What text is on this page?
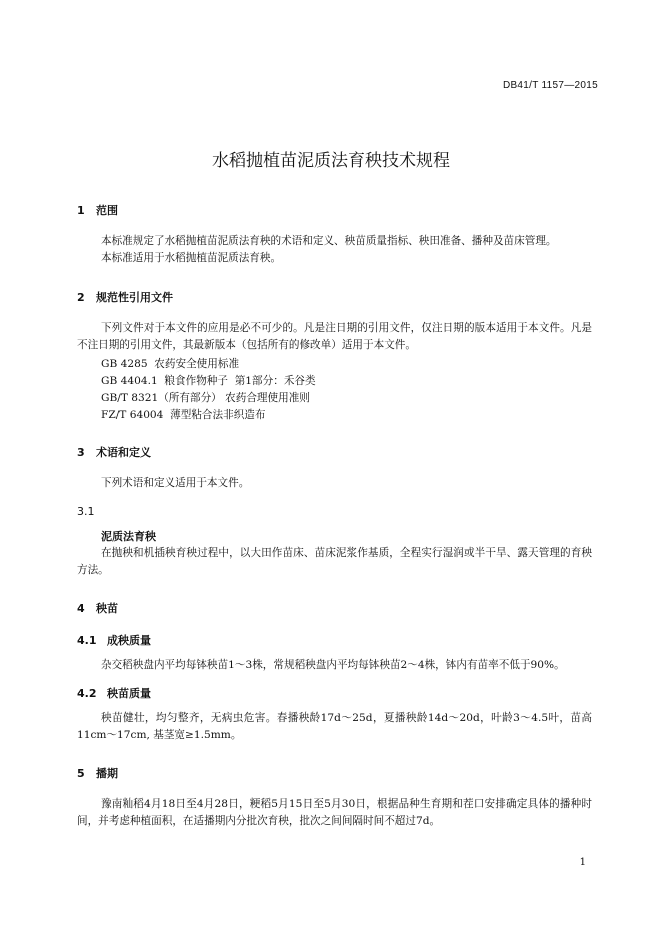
DB41/T 1157—2015
水稻抛植苗泥质法育秧技术规程
1 范围
本标准规定了水稻抛植苗泥质法育秧的术语和定义、秧苗质量指标、秧田准备、播种及苗床管理。
本标准适用于水稻抛植苗泥质法育秧。
2 规范性引用文件
下列文件对于本文件的应用是必不可少的。凡是注日期的引用文件，仅注日期的版本适用于本文件。凡是不注日期的引用文件，其最新版本（包括所有的修改单）适用于本文件。
GB 4285  农药安全使用标准
GB 4404.1  粮食作物种子  第1部分：禾谷类
GB/T 8321（所有部分） 农药合理使用准则
FZ/T 64004  薄型粘合法非织造布
3 术语和定义
下列术语和定义适用于本文件。
3.1
泥质法育秧
在抛秧和机插秧育秧过程中，以大田作苗床、苗床泥浆作基质，全程实行湿润或半干旱、露天管理的育秧方法。
4 秧苗
4.1 成秧质量
杂交稻秧盘内平均每钵秧苗1～3株，常规稻秧盘内平均每钵秧苗2～4株，钵内有苗率不低于90%。
4.2 秧苗质量
秧苗健壮，均匀整齐，无病虫危害。春播秧龄17d～25d，夏播秧龄14d～20d，叶龄3～4.5叶，苗高11cm～17cm, 基茎宽≥1.5mm。
5 播期
豫南籼稻4月18日至4月28日，粳稻5月15日至5月30日，根据品种生育期和茬口安排确定具体的播种时间，并考虑种植面积，在适播期内分批次育秧，批次之间间隔时间不超过7d。
1
